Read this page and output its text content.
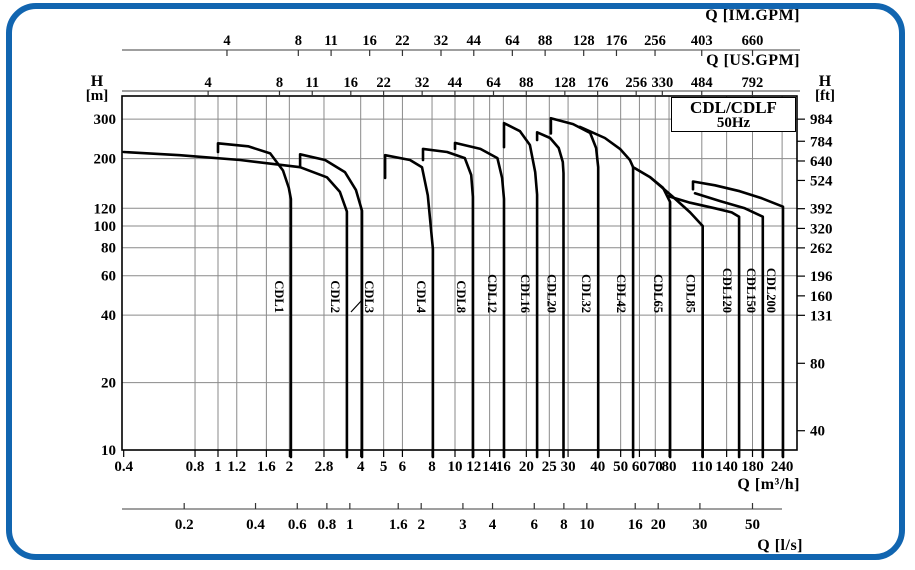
4	8 11 16 22 32 44 64 88 128 176 256 403 660
4	8 11 16 22 32 44 64 88 128 176 256 330 484 792
0.4	0.8 1 1.2 1.6 2 2.8 4 5 6 8 10 12 14
16 20 25 30 40 50 60 70
80 110 140 180 240
0.2	0.4 0.6 0.8 1 1.6 2 3 4 6 8 10 16 20 30	50
300
200
120
100
80
60
40
20
10
984
784
640
524
392
320
262
196
160
131
80
40
CDL1	CDL2 CDL3	CDL4 CDL8 CDL12 CDL16 CDL20 CDL32 CDL42 CDL65 CDL85 CDL120 CDL150 CDL200
Q [IM.GPM]
Q [US.GPM]
H
[m]
H
[ft]
Q [m³/h]
Q [l/s]
CDL/CDLF
50Hz
